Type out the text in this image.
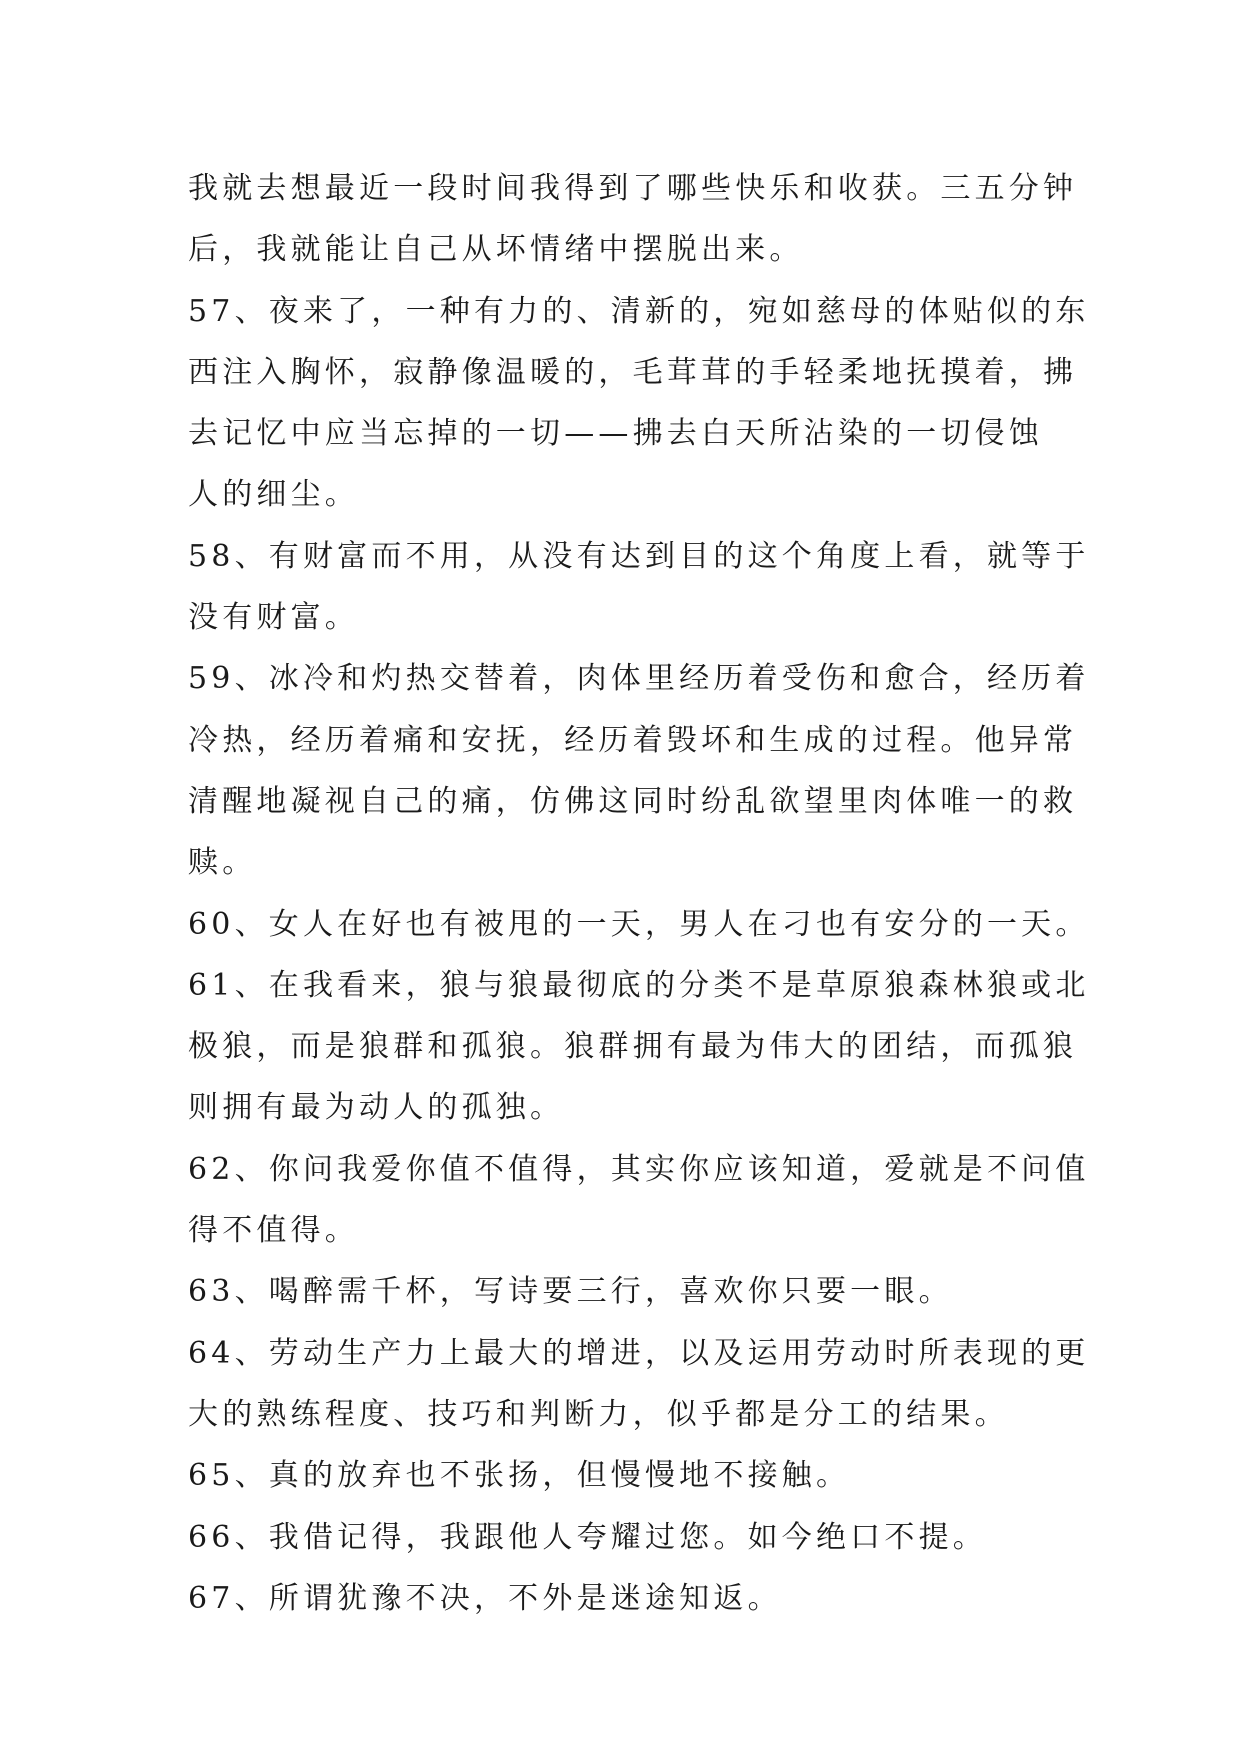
我就去想最近一段时间我得到了哪些快乐和收获。三五分钟
后，我就能让自己从坏情绪中摆脱出来。
57、夜来了，一种有力的、清新的，宛如慈母的体贴似的东
西注入胸怀，寂静像温暖的，毛茸茸的手轻柔地抚摸着，拂
去记忆中应当忘掉的一切——拂去白天所沾染的一切侵蚀
人的细尘。
58、有财富而不用，从没有达到目的这个角度上看，就等于
没有财富。
59、冰冷和灼热交替着，肉体里经历着受伤和愈合，经历着
冷热，经历着痛和安抚，经历着毁坏和生成的过程。他异常
清醒地凝视自己的痛，仿佛这同时纷乱欲望里肉体唯一的救
赎。
60、女人在好也有被甩的一天，男人在刁也有安分的一天。
61、在我看来，狼与狼最彻底的分类不是草原狼森林狼或北
极狼，而是狼群和孤狼。狼群拥有最为伟大的团结，而孤狼
则拥有最为动人的孤独。
62、你问我爱你值不值得，其实你应该知道，爱就是不问值
得不值得。
63、喝醉需千杯，写诗要三行，喜欢你只要一眼。
64、劳动生产力上最大的增进，以及运用劳动时所表现的更
大的熟练程度、技巧和判断力，似乎都是分工的结果。
65、真的放弃也不张扬，但慢慢地不接触。
66、我借记得，我跟他人夸耀过您。如今绝口不提。
67、所谓犹豫不决，不外是迷途知返。
